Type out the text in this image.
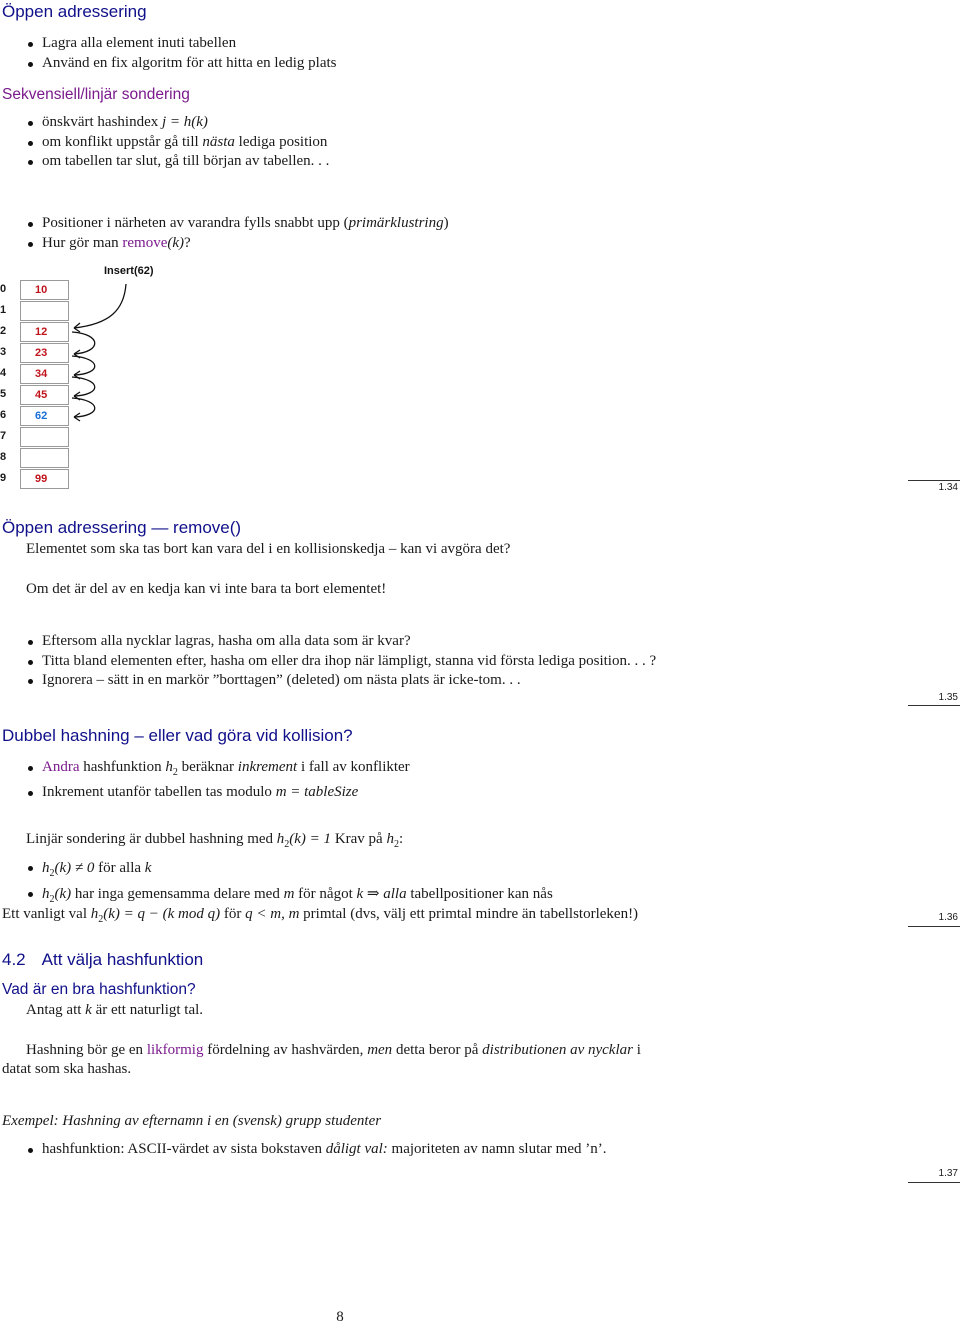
Öppen adressering
Lagra alla element inuti tabellen
Använd en fix algoritm för att hitta en ledig plats
Sekvensiell/linjär sondering
önskvärt hashindex j = h(k)
om konflikt uppstår gå till nästa lediga position
om tabellen tar slut, gå till början av tabellen. . .
Positioner i närheten av varandra fylls snabbt upp (primärklustring)
Hur gör man remove(k)?
Insert(62)
0	10
1
2	12
3	23
4	34
5	45
6	62
7
8
9	99
1.34
Öppen adressering — remove()
Elementet som ska tas bort kan vara del i en kollisionskedja – kan vi avgöra det?
Om det är del av en kedja kan vi inte bara ta bort elementet!
Eftersom alla nycklar lagras, hasha om alla data som är kvar?
Titta bland elementen efter, hasha om eller dra ihop när lämpligt, stanna vid första lediga position. . . ?
Ignorera – sätt in en markör ”borttagen” (deleted) om nästa plats är icke-tom. . .
1.35
Dubbel hashning – eller vad göra vid kollision?
Andra hashfunktion $h_2$ beräknar inkrement i fall av konflikter
Inkrement utanför tabellen tas modulo m = tableSize
Linjär sondering är dubbel hashning med $h_2(k) = 1$ Krav på $h_2$:
$h_2(k) \ne 0$ för alla k
$h_2(k)$ har inga gemensamma delare med m för något k ⇒ alla tabellpositioner kan nås
Ett vanligt val $h_2(k) = q - (k$ mod q) för q < m, m primtal (dvs, välj ett primtal mindre än tabellstorleken!)	1.36
4.2 Att välja hashfunktion
Vad är en bra hashfunktion?
Antag att k är ett naturligt tal.
Hashning bör ge en likformig fördelning av hashvärden, men detta beror på distributionen av nycklar i
datat som ska hashas.
Exempel: Hashning av efternamn i en (svensk) grupp studenter
hashfunktion: ASCII-värdet av sista bokstaven dåligt val: majoriteten av namn slutar med ’n’.
1.37
8
